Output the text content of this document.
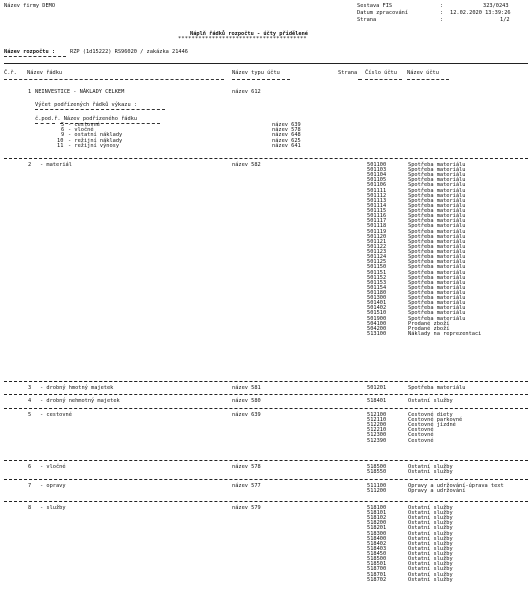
Název firmy DEMO	Sestava FIS	:	323/0243
Datum zpracování	: 12.02.2020 13:39:26
Strana	:	1/2
Náplň řádků rozpočtu - účty přidělené
**************************************
Název rozpočtu :	RZP (1d15222) RS96020 / zakázka 21446
Č.ř. Název řádku	Název typu účtu	Strana Číslo účtu Název účtu
1 NEINVESTICE - NÁKLADY CELKEM	název 612
Výčet podřízených řádků výkazu :
č.pod.ř. Název podřízeného řádku
5 - cestovné	název 639
6 - vločné	název 578
9 - ostatní náklady	název 648
10 - režijní náklady	název 625
11 - režijní výnosy	název 641
2 - materiál	název 582	501100	Spotřeba materiálu
501103	Spotřeba materiálu
501104	Spotřeba materiálu
501105	Spotřeba materiálu
501106	Spotřeba materiálu
501111	Spotřeba materiálu
501112	Spotřeba materiálu
501113	Spotřeba materiálu
501114	Spotřeba materiálu
501115	Spotřeba materiálu
501116	Spotřeba materiálu
501117	Spotřeba materiálu
501118	Spotřeba materiálu
501119	Spotřeba materiálu
501120	Spotřeba materiálu
501121	Spotřeba materiálu
501122	Spotřeba materiálu
501123	Spotřeba materiálu
501124	Spotřeba materiálu
501125	Spotřeba materiálu
501150	Spotřeba materiálu
501151	Spotřeba materiálu
501152	Spotřeba materiálu
501153	Spotřeba materiálu
501154	Spotřeba materiálu
501180	Spotřeba materiálu
501300	Spotřeba materiálu
501401	Spotřeba materiálu
501402	Spotřeba materiálu
501510	Spotřeba materiálu
501900	Spotřeba materiálu
504100	Prodané zboží
504200	Prodané zboží
513100	Náklady na reprezentaci
3 - drobný hmotný majetek	název 581	501201	Spotřeba materiálu
4 - drobný nehmotný majetek	název 580	518401	Ostatní služby
5 - cestovné	název 639	512100	Cestovné diety
512110	Cestovné parkovné
512200	Cestovné jízdné
512210	Cestovné
512300	Cestovné
512390	Cestovné
6 - vločné	název 578	518500	Ostatní služby
518550	Ostatní služby
7 - opravy	název 577	511100	Opravy a udržování-úprava text
511200	Opravy a udržování
8 - služby	název 579	518100	Ostatní služby
518101	Ostatní služby
518102	Ostatní služby
518200	Ostatní služby
518201	Ostatní služby
518300	Ostatní služby
518400	Ostatní služby
518402	Ostatní služby
518403	Ostatní služby
518450	Ostatní služby
518500	Ostatní služby
518501	Ostatní služby
518700	Ostatní služby
518701	Ostatní služby
518702	Ostatní služby
